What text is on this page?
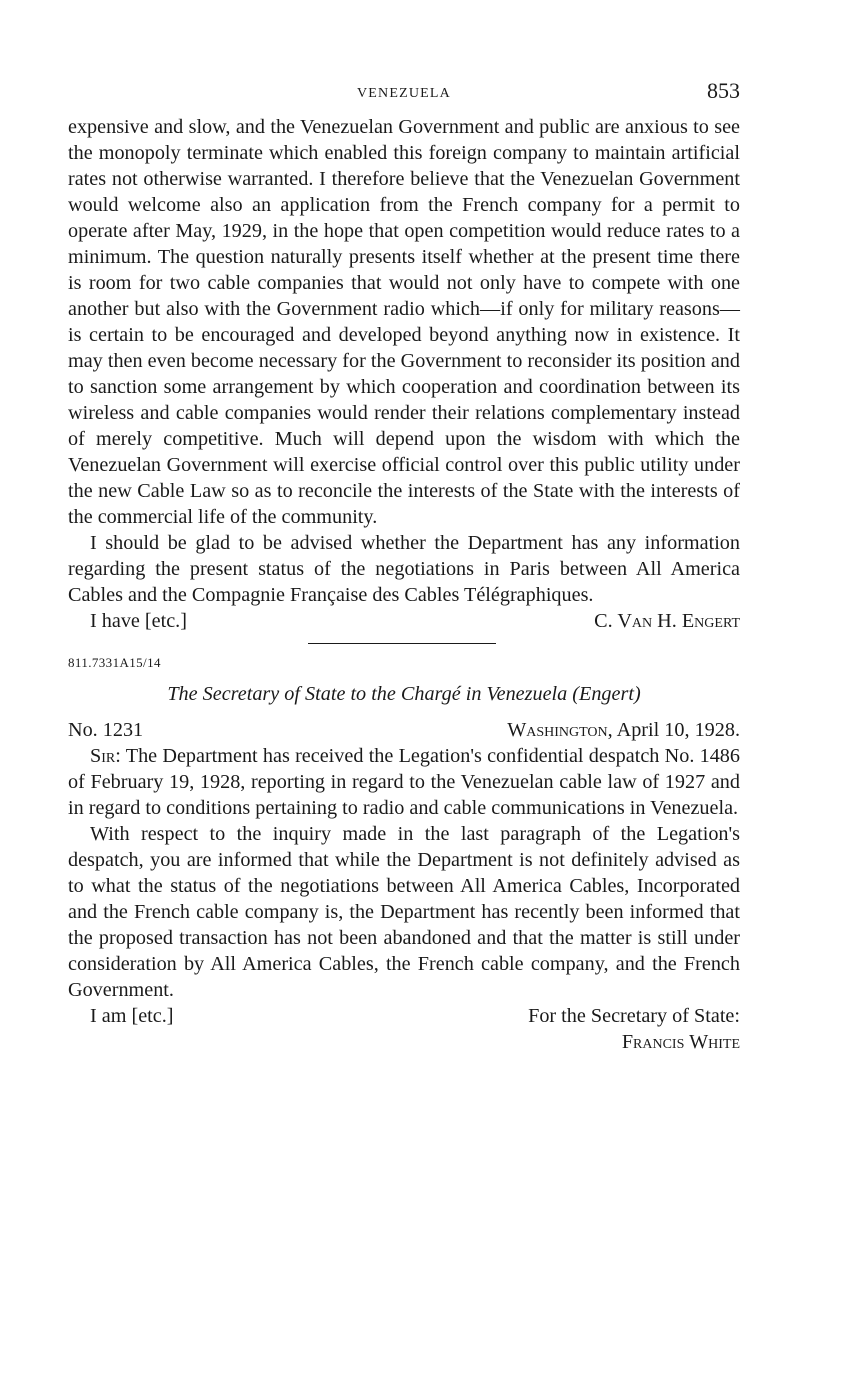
VENEZUELA	853

expensive and slow, and the Venezuelan Government and public are anxious to see the monopoly terminate which enabled this foreign company to maintain artificial rates not otherwise warranted. I therefore believe that the Venezuelan Government would welcome also an application from the French company for a permit to operate after May, 1929, in the hope that open competition would reduce rates to a minimum. The question naturally presents itself whether at the present time there is room for two cable companies that would not only have to compete with one another but also with the Government radio which—if only for military reasons—is certain to be encouraged and developed beyond anything now in existence. It may then even become necessary for the Government to reconsider its position and to sanction some arrangement by which cooperation and coordination between its wireless and cable companies would render their relations complementary instead of merely competitive. Much will depend upon the wisdom with which the Venezuelan Government will exercise official control over this public utility under the new Cable Law so as to reconcile the interests of the State with the interests of the commercial life of the community.

I should be glad to be advised whether the Department has any information regarding the present status of the negotiations in Paris between All America Cables and the Compagnie Française des Cables Télégraphiques.

I have [etc.]	C. Van H. Engert
811.7331A15/14
The Secretary of State to the Chargé in Venezuela (Engert)
No. 1231	Washington, April 10, 1928.

Sir: The Department has received the Legation's confidential despatch No. 1486 of February 19, 1928, reporting in regard to the Venezuelan cable law of 1927 and in regard to conditions pertaining to radio and cable communications in Venezuela.

With respect to the inquiry made in the last paragraph of the Legation's despatch, you are informed that while the Department is not definitely advised as to what the status of the negotiations between All America Cables, Incorporated and the French cable company is, the Department has recently been informed that the proposed transaction has not been abandoned and that the matter is still under consideration by All America Cables, the French cable company, and the French Government.

I am [etc.]	For the Secretary of State:
Francis White
